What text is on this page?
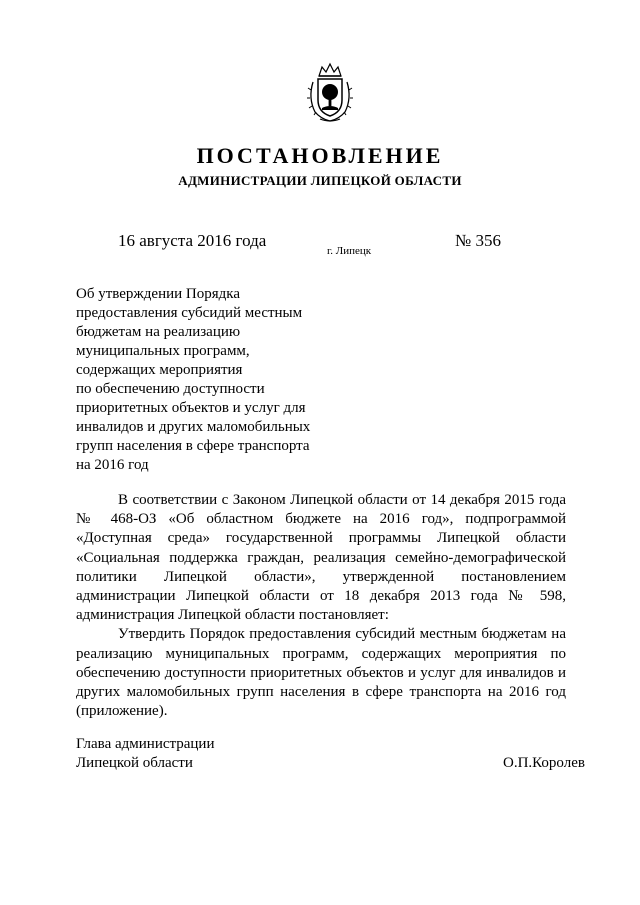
ПОСТАНОВЛЕНИЕ
АДМИНИСТРАЦИИ ЛИПЕЦКОЙ ОБЛАСТИ
16 августа 2016 года
г. Липецк
№ 356
Об утверждении Порядка
предоставления субсидий местным
бюджетам на реализацию
муниципальных программ,
содержащих мероприятия
по обеспечению доступности
приоритетных объектов и услуг для
инвалидов и других маломобильных
групп населения в сфере транспорта
на 2016 год

В соответствии с Законом Липецкой области от 14 декабря 2015 года № 468-ОЗ «Об областном бюджете на 2016 год», подпрограммой «Доступная среда» государственной программы Липецкой области «Социальная поддержка граждан, реализация семейно-демографической политики Липецкой области», утвержденной постановлением администрации Липецкой области от 18 декабря 2013 года № 598, администрация Липецкой области постановляет:

Утвердить Порядок предоставления субсидий местным бюджетам на реализацию муниципальных программ, содержащих мероприятия по обеспечению доступности приоритетных объектов и услуг для инвалидов и других маломобильных групп населения в сфере транспорта на 2016 год (приложение).

Глава администрации
Липецкой области	О.П.Королев
